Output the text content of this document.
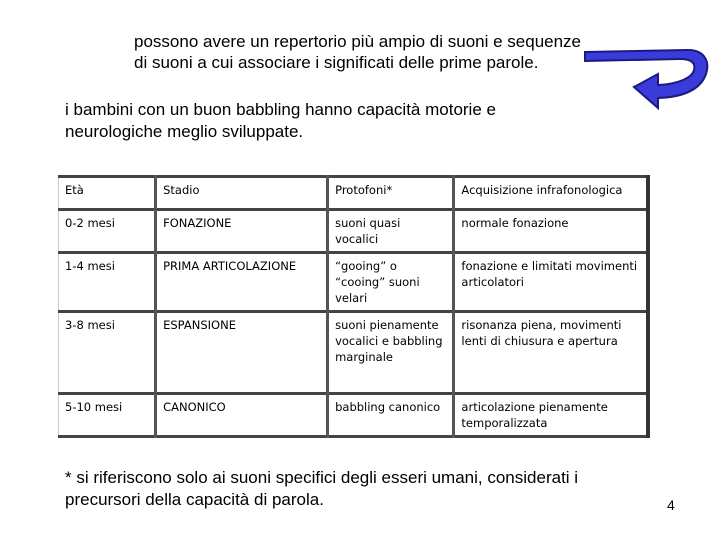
possono avere un repertorio più ampio di suoni e sequenze

di suoni a cui associare i significati delle prime parole.

i bambini con un buon babbling hanno capacità motorie e

neurologiche meglio sviluppate.

Età	Stadio	Protofoni*	Acquisizione infrafonologica
0-2 mesi	FONAZIONE	suoni quasi vocalici	normale fonazione
1-4 mesi	PRIMA ARTICOLAZIONE	“gooing” o “cooing” suoni velari	fonazione e limitati movimenti articolatori
3-8 mesi	ESPANSIONE	suoni pienamente vocalici e babbling marginale	risonanza piena, movimenti lenti di chiusura e apertura
5-10 mesi	CANONICO	babbling canonico	articolazione pienamente temporalizzata

* si riferiscono solo ai suoni specifici degli esseri umani, considerati i

precursori della capacità di parola.	4
